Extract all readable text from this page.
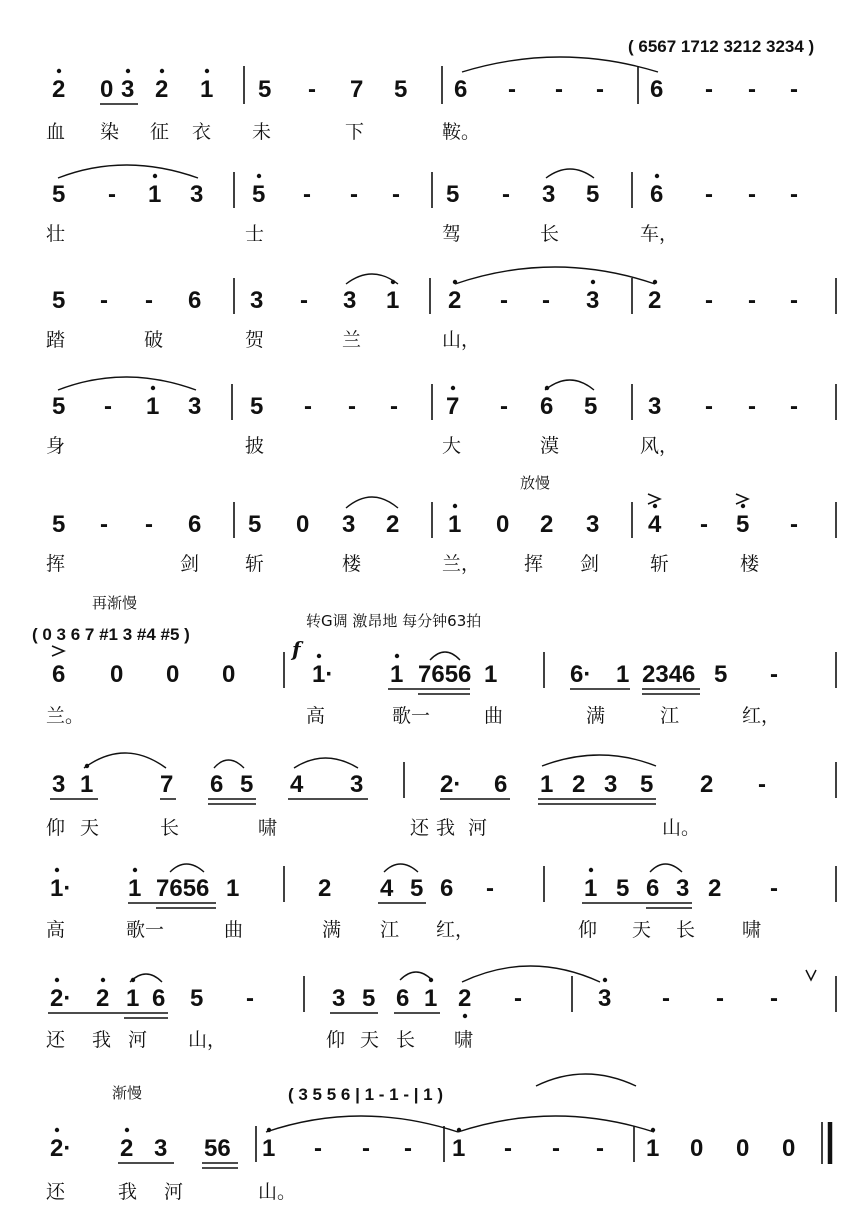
( 6567 1712 3212 3234 )
2 0 3 2 1 5 - 7 5 6 - - - 6 - - -
血 染 征 衣 未	下	鞍。
5 - 1 3 5 - - - 5 - 3 5 6 - - -
壮	士	驾	长	车，
5 - - 6 3 - 3 1 2 - - 3 2 - - -
踏	破	贺	兰	山，
5 - 1 3 5 - - - 7 - 6 5 3 - - -
身	披	大	漠	风，
放慢
5 - - 6 5 0 3 2 1 0 2 3 4 - 5 -
挥	剑 斩	楼	兰， 挥 剑	斩	楼
再渐慢
( 0 3 6 7 #1 3 #4 #5 )
转G调 激昂地 每分钟63拍
f
6 0 0 0	1· 1 7656 1	6· 1 2346 5 -
兰。	高	歌一	曲	满	江	红，
3 1	7 6 5 4 3	2· 6 1 2 3 5 2 -
仰 天	长	啸	还 我 河	山。
1· 1 7656 1	2 4 5 6 -	1 5 6 3 2 -
高	歌一	曲	满 江 红，	仰 天 长 啸
2· 2 1 6 5 -	3 5 6 1 2 -	3 - - -
还 我 河 山，	仰 天 长 啸
渐慢	( 3 5 5 6 | 1 - 1 - | 1 )
2· 2 3 56 1 - - - 1 - - - 1 0 0 0
还	我 河	山。
